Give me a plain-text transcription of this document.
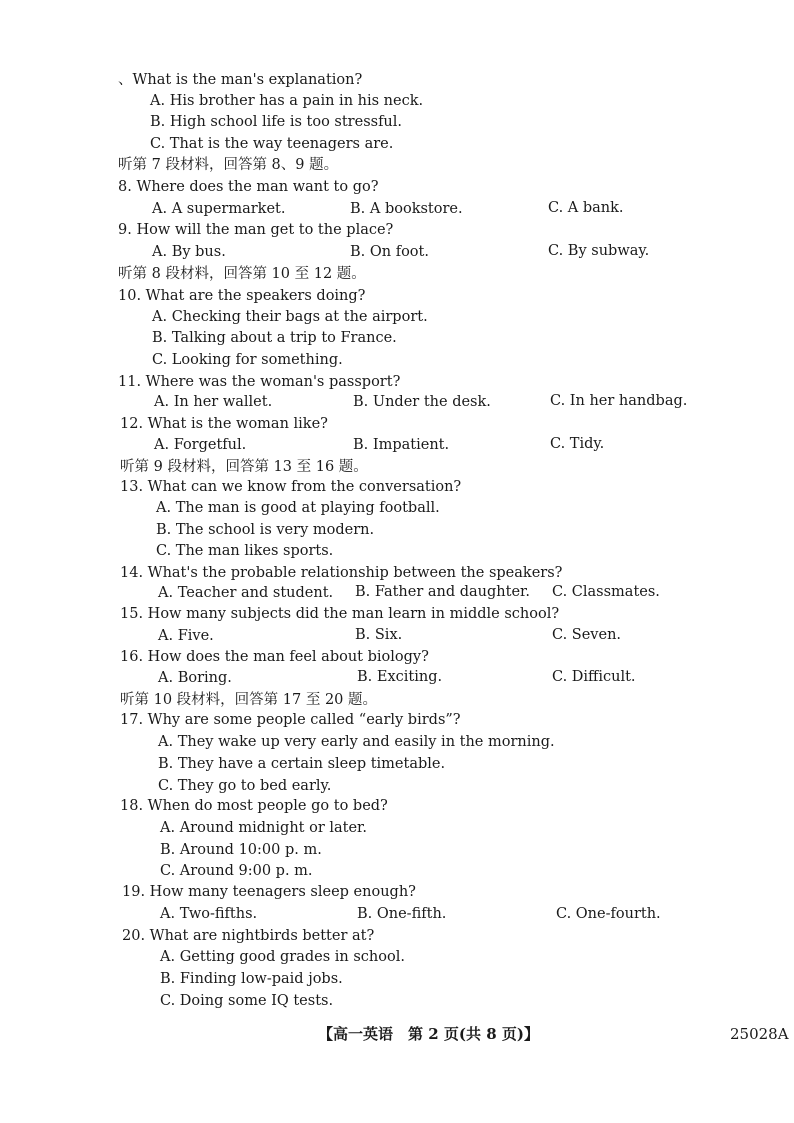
、What is the man's explanation?
A. His brother has a pain in his neck.
B. High school life is too stressful.
C. That is the way teenagers are.
听第 7 段材料，回答第 8、9 题。
8. Where does the man want to go?
A. A supermarket.	B. A bookstore.	C. A bank.
9. How will the man get to the place?
A. By bus.	B. On foot.	C. By subway.
听第 8 段材料，回答第 10 至 12 题。
10. What are the speakers doing?
A. Checking their bags at the airport.
B. Talking about a trip to France.
C. Looking for something.
11. Where was the woman's passport?
A. In her wallet.	B. Under the desk.	C. In her handbag.
12. What is the woman like?
A. Forgetful.	B. Impatient.	C. Tidy.
听第 9 段材料，回答第 13 至 16 题。
13. What can we know from the conversation?
A. The man is good at playing football.
B. The school is very modern.
C. The man likes sports.
14. What's the probable relationship between the speakers?
A. Teacher and student. B. Father and daughter. C. Classmates.
15. How many subjects did the man learn in middle school?
A. Five.	B. Six.	C. Seven.
16. How does the man feel about biology?
A. Boring.	B. Exciting.	C. Difficult.
听第 10 段材料，回答第 17 至 20 题。
17. Why are some people called “early birds”?
A. They wake up very early and easily in the morning.
B. They have a certain sleep timetable.
C. They go to bed early.
18. When do most people go to bed?
A. Around midnight or later.
B. Around 10:00 p. m.
C. Around 9:00 p. m.
19. How many teenagers sleep enough?
A. Two-fifths.	B. One-fifth.	C. One-fourth.
20. What are nightbirds better at?
A. Getting good grades in school.
B. Finding low-paid jobs.
C. Doing some IQ tests.
【高一英语　第 2 页(共 8 页)】	25028A
